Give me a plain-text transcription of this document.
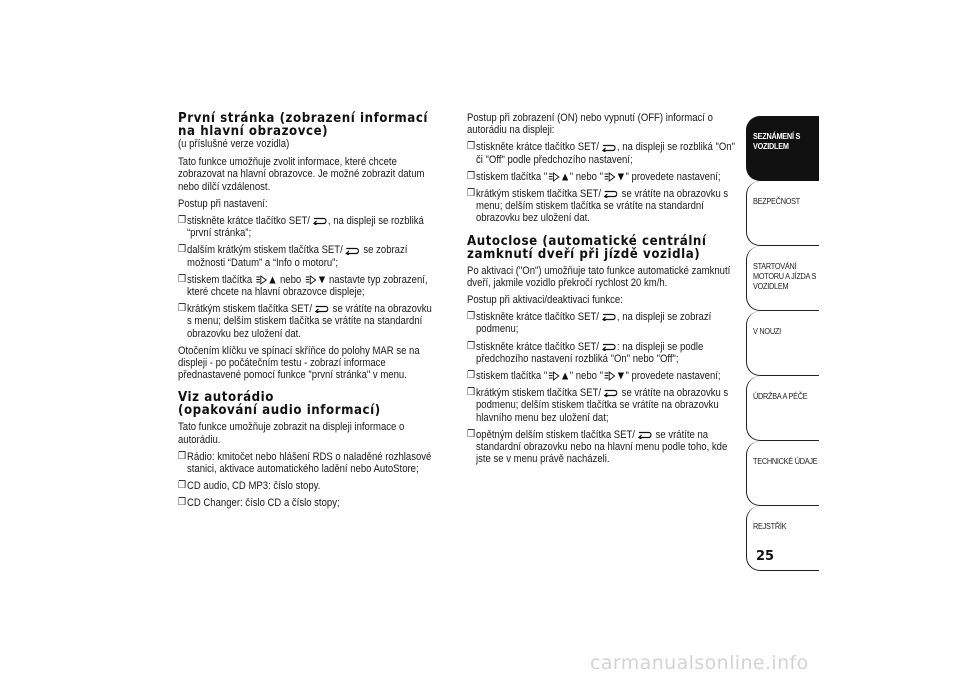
První stránka (zobrazení informací
na hlavní obrazovce)

(u příslušné verze vozidla)

Tato funkce umožňuje zvolit informace, které chcete zobrazovat na hlavní obrazovce. Je možné zobrazit datum nebo dílčí vzdálenost.

Postup při nastavení:

❒ stiskněte krátce tlačítko SET/ , na displeji se rozbliká “první stránka”;
❒ dalším krátkým stiskem tlačítka SET/ se zobrazí možnosti “Datum” a “Info o motoru”;
❒ stiskem tlačítka  nebo  nastavte typ zobrazení, které chcete na hlavní obrazovce displeje;
❒ krátkým stiskem tlačítka SET/ se vrátíte na obrazovku s menu; delším stiskem tlačítka se vrátíte na standardní obrazovku bez uložení dat.

Otočením klíčku ve spínací skříňce do polohy MAR se na displeji - po počátečním testu - zobrazí informace přednastavené pomocí funkce "první stránka" v menu.

Viz autorádio
(opakování audio informací)

Tato funkce umožňuje zobrazit na displeji informace o autorádiu.

❒ Rádio: kmitočet nebo hlášení RDS o naladěné rozhlasové stanici, aktivace automatického ladění nebo AutoStore;
❒ CD audio, CD MP3: číslo stopy.
❒ CD Changer: číslo CD a číslo stopy;

Postup při zobrazení (ON) nebo vypnutí (OFF) informací o autorádiu na displeji:

❒ stiskněte krátce tlačítko SET/ , na displeji se rozbliká "On" či "Off" podle předchozího nastavení;
❒ stiskem tlačítka " " nebo " " provedete nastavení;
❒ krátkým stiskem tlačítka SET/ se vrátíte na obrazovku s menu; delším stiskem tlačítka se vrátíte na standardní obrazovku bez uložení dat.
Autoclose (automatické centrální
zamknutí dveří při jízdě vozidla)

Po aktivaci ("On") umožňuje tato funkce automatické zamknutí dveří, jakmile vozidlo překročí rychlost 20 km/h.

Postup při aktivaci/deaktivaci funkce:

❒ stiskněte krátce tlačítko SET/ , na displeji se zobrazí podmenu;
❒ stiskněte krátce tlačítko SET/ : na displeji se podle předchozího nastavení rozbliká "On" nebo "Off";
❒ stiskem tlačítka " " nebo " " provedete nastavení;
❒ krátkým stiskem tlačítka SET/ se vrátíte na obrazovku s podmenu; delším stiskem tlačítka se vrátíte na obrazovku hlavního menu bez uložení dat;
❒ opětným delším stiskem tlačítka SET/ se vrátíte na standardní obrazovku nebo na hlavní menu podle toho, kde jste se v menu právě nacházeli.
SEZNÁMENÍ S VOZIDLEM
BEZPEČNOST
STARTOVÁNÍ MOTORU A JÍZDA S VOZIDLEM
V NOUZI
ÚDRŽBA A PÉČE
TECHNICKÉ ÚDAJE
REJSTŘÍK
25
carmanualsonline.info
